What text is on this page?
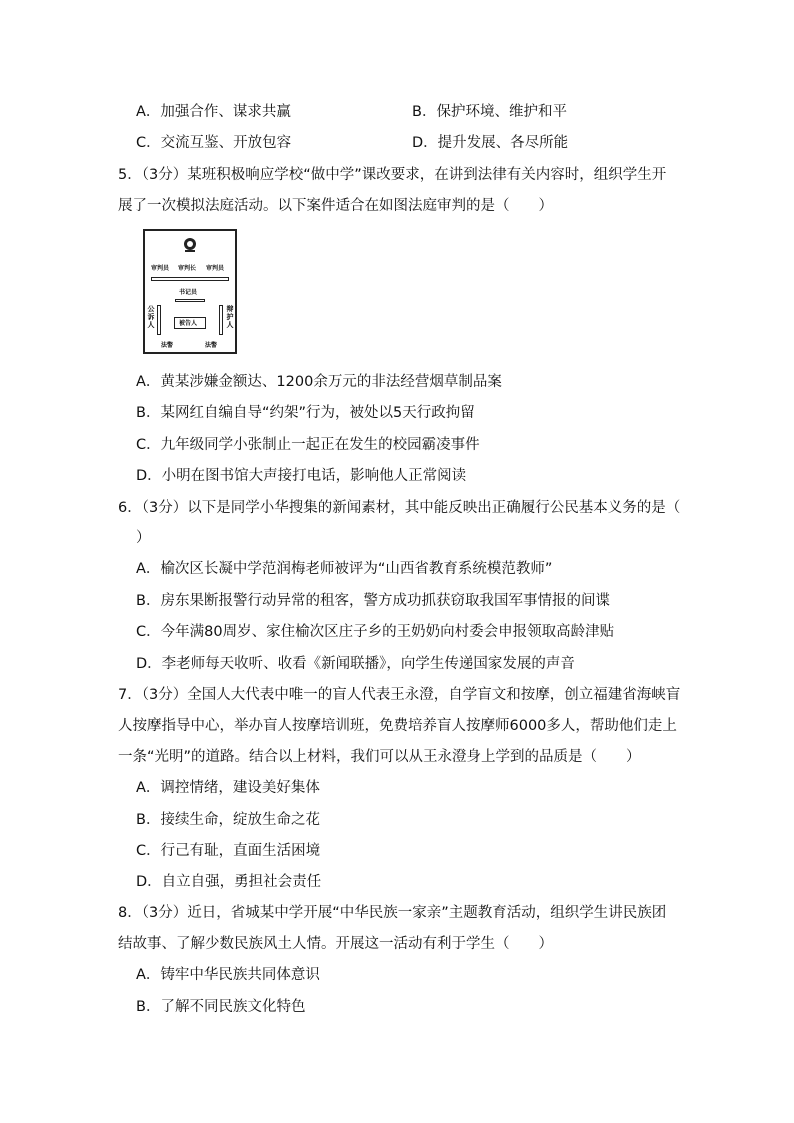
A．加强合作、谋求共赢	B．保护环境、维护和平
C．交流互鉴、开放包容	D．提升发展、各尽所能
5．（3分）某班积极响应学校“做中学”课改要求，在讲到法律有关内容时，组织学生开
展了一次模拟法庭活动。以下案件适合在如图法庭审判的是（　　）
审判员 审判长 审判员
书记员
公诉人
辩护人
被告人
法警	法警
A．黄某涉嫌金额达、1200余万元的非法经营烟草制品案
B．某网红自编自导“约架”行为，被处以5天行政拘留
C．九年级同学小张制止一起正在发生的校园霸凌事件
D．小明在图书馆大声接打电话，影响他人正常阅读
6．（3分）以下是同学小华搜集的新闻素材，其中能反映出正确履行公民基本义务的是（
）
A．榆次区长凝中学范润梅老师被评为“山西省教育系统模范教师”
B．房东果断报警行动异常的租客，警方成功抓获窃取我国军事情报的间谍
C．今年满80周岁、家住榆次区庄子乡的王奶奶向村委会申报领取高龄津贴
D．李老师每天收听、收看《新闻联播》，向学生传递国家发展的声音
7．（3分）全国人大代表中唯一的盲人代表王永澄，自学盲文和按摩，创立福建省海峡盲
人按摩指导中心，举办盲人按摩培训班，免费培养盲人按摩师6000多人，帮助他们走上
一条“光明”的道路。结合以上材料，我们可以从王永澄身上学到的品质是（　　）
A．调控情绪，建设美好集体
B．接续生命，绽放生命之花
C．行己有耻，直面生活困境
D．自立自强，勇担社会责任
8．（3分）近日，省城某中学开展“中华民族一家亲”主题教育活动，组织学生讲民族团
结故事、了解少数民族风土人情。开展这一活动有利于学生（　　）
A．铸牢中华民族共同体意识
B．了解不同民族文化特色
